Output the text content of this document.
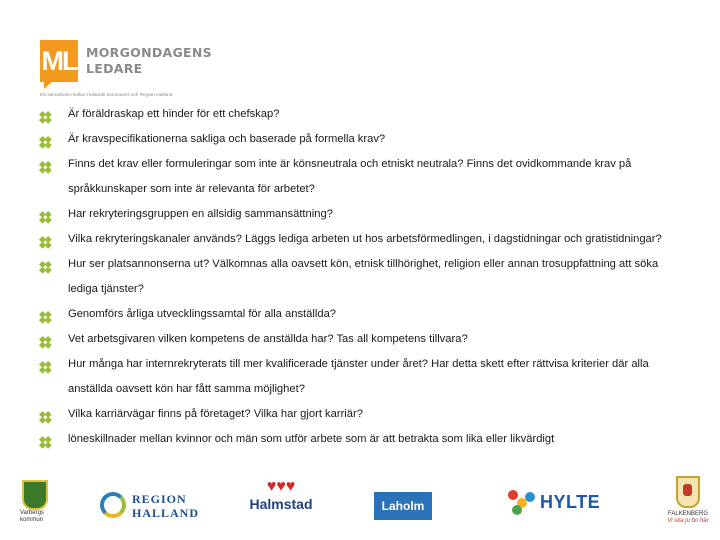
ML MORGONDAGENS
LEDARE
Ett samarbete mellan Hallands kommuner och Region Halland
Är föräldraskap ett hinder för ett chefskap?
Är kravspecifikationerna sakliga och baserade på formella krav?
Finns det krav eller formuleringar som inte är könsneutrala och etniskt neutrala? Finns det ovidkommande krav på språkkunskaper som inte är relevanta för arbetet?
Har rekryteringsgruppen en allsidig sammansättning?
Vilka rekryteringskanaler används? Läggs lediga arbeten ut hos arbetsförmedlingen, i dagstidningar och gratistidningar?
Hur ser platsannonserna ut? Välkomnas alla oavsett kön, etnisk tillhörighet, religion eller annan trosuppfattning att söka lediga tjänster?
Genomförs årliga utvecklingssamtal för alla anställda?
Vet arbetsgivaren vilken kompetens de anställda har? Tas all kompetens tillvara?
Hur många har internrekryterats till mer kvalificerade tjänster under året? Har detta skett efter rättvisa kriterier där alla anställda oavsett kön har fått samma möjlighet?
Vilka karriärvägar finns på företaget? Vilka har gjort karriär?
löneskillnader mellan kvinnor och män som utför arbete som är att betrakta som lika eller likvärdigt
Varbergs kommun
REGION
HALLAND
♥♥♥
Halmstad	Laholm	HYLTE
FALKENBERG
Vi ska ju bo här
